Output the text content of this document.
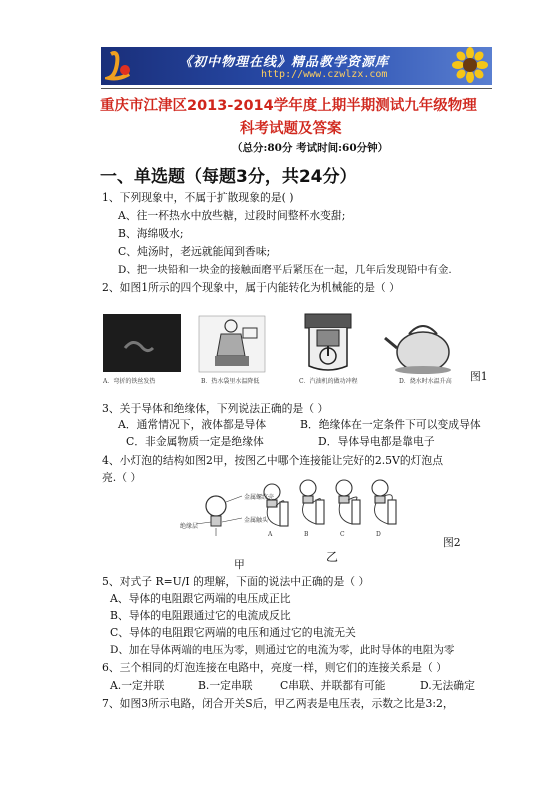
《初中物理在线》精品教学资源库
http://www.czwlzx.com
重庆市江津区2013-2014学年度上期半期测试九年级物理
科考试题及答案
（总分:80分 考试时间:60分钟）
一、单选题（每题3分，共24分）
1、下列现象中，不属于扩散现象的是( )
A、往一杯热水中放些糖，过段时间整杯水变甜;
B、海绵吸水;
C、炖汤时，老远就能闻到香味;
D、把一块铅和一块金的接触面磨平后紧压在一起，几年后发现铅中有金.
2、如图1所示的四个现象中，属于内能转化为机械能的是（ ）
A．弯折的铁丝发热	B．热水袋里水温降低	C．汽油机的做功冲程	D．烧水时水温升高 图1
3、关于导体和绝缘体，下列说法正确的是（ ）
A．通常情况下，液体都是导体	B．绝缘体在一定条件下可以变成导体
C．非金属物质一定是绝缘体	D．导体导电都是靠电子
4、小灯泡的结构如图2甲，按图乙中哪个连接能让完好的2.5V的灯泡点
亮.（ ）
金属螺纹壳
金属触头
绝缘层
A	B	C	D
图2
乙
甲
5、对式子 R=U/I 的理解，下面的说法中正确的是（ ）
A、导体的电阻跟它两端的电压成正比
B、导体的电阻跟通过它的电流成反比
C、导体的电阻跟它两端的电压和通过它的电流无关
D、加在导体两端的电压为零，则通过它的电流为零，此时导体的电阻为零
6、三个相同的灯泡连接在电路中，亮度一样，则它们的连接关系是（ ）
A.一定并联	B.一定串联	C串联、并联都有可能	D.无法确定
7、如图3所示电路，闭合开关S后，甲乙两表是电压表，示数之比是3:2，
